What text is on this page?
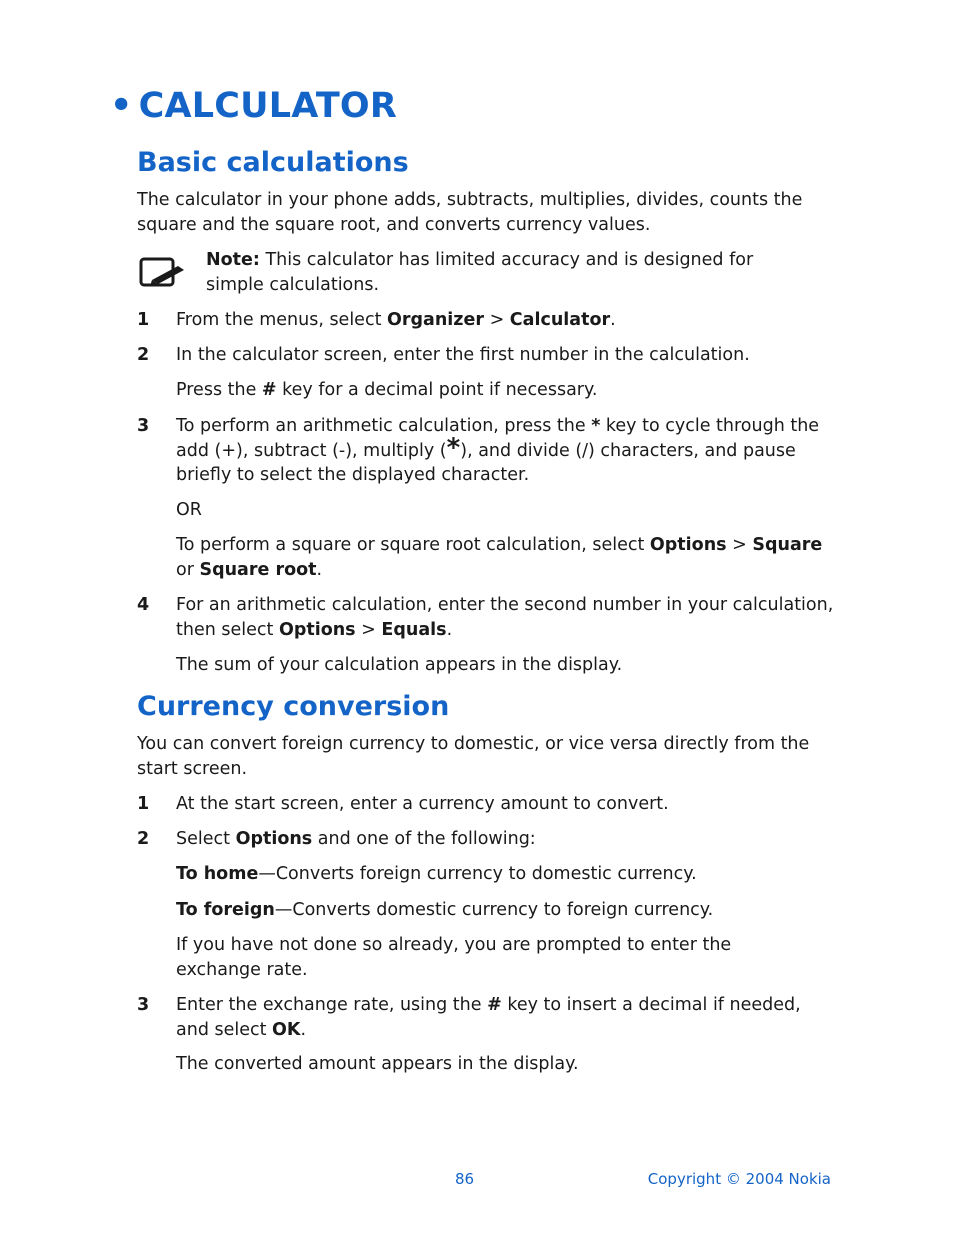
• CALCULATOR
Basic calculations

The calculator in your phone adds, subtracts, multiplies, divides, counts the square and the square root, and converts currency values.

Note: This calculator has limited accuracy and is designed for simple calculations.

1 From the menus, select Organizer > Calculator.

2 In the calculator screen, enter the first number in the calculation.

Press the # key for a decimal point if necessary.

3 To perform an arithmetic calculation, press the * key to cycle through the add (+), subtract (-), multiply (*), and divide (/) characters, and pause briefly to select the displayed character.

OR

To perform a square or square root calculation, select Options > Square or Square root.

4 For an arithmetic calculation, enter the second number in your calculation, then select Options > Equals.

The sum of your calculation appears in the display.

Currency conversion

You can convert foreign currency to domestic, or vice versa directly from the start screen.

1 At the start screen, enter a currency amount to convert.

2 Select Options and one of the following:

To home—Converts foreign currency to domestic currency.

To foreign—Converts domestic currency to foreign currency.

If you have not done so already, you are prompted to enter the exchange rate.

3 Enter the exchange rate, using the # key to insert a decimal if needed, and select OK.

The converted amount appears in the display.

86	Copyright © 2004 Nokia
